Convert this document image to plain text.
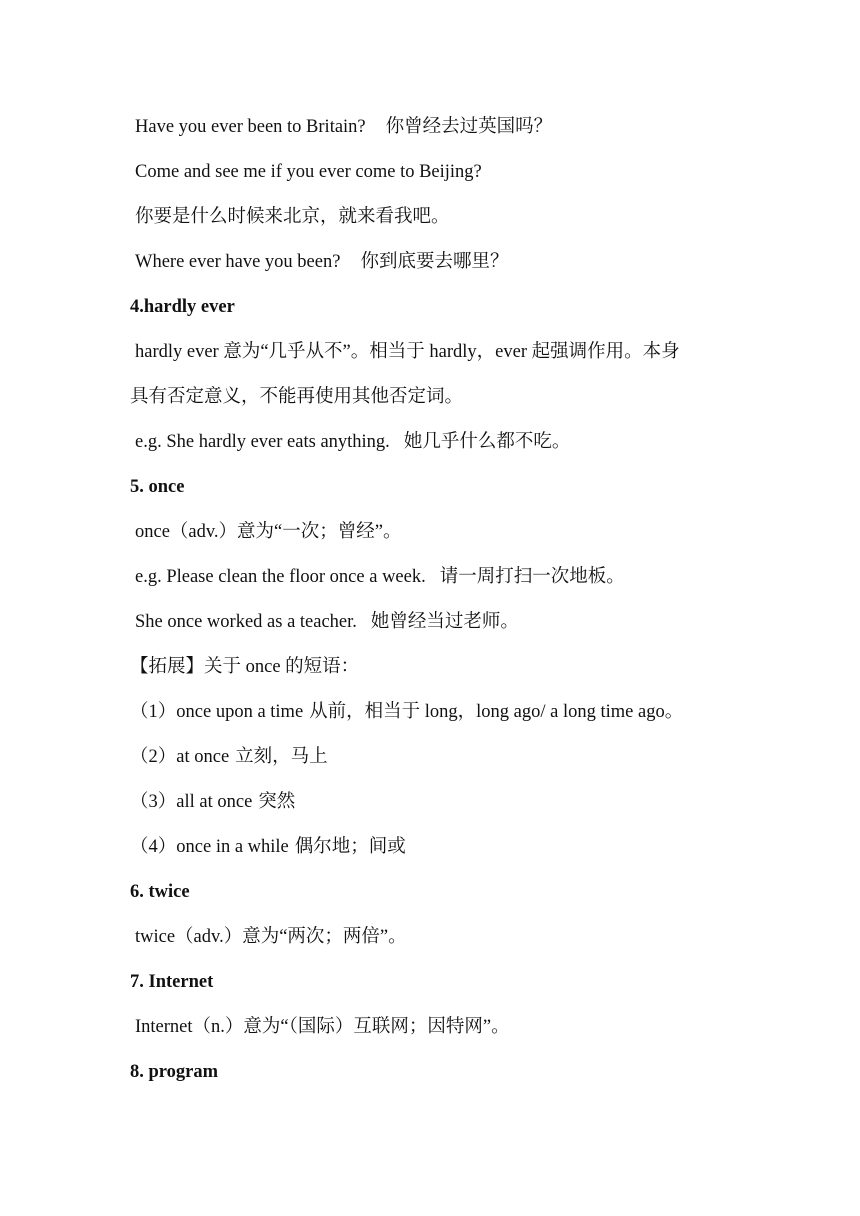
Have you ever been to Britain? 你曾经去过英国吗？
Come and see me if you ever come to Beijing?
你要是什么时候来北京，就来看我吧。
Where ever have you been? 你到底要去哪里？
4.hardly ever
hardly ever 意为“几乎从不”。相当于 hardly，ever 起强调作用。本身
具有否定意义，不能再使用其他否定词。
e.g. She hardly ever eats anything. 她几乎什么都不吃。
5. once
once（adv.）意为“一次；曾经”。
e.g. Please clean the floor once a week. 请一周打扫一次地板。
She once worked as a teacher. 她曾经当过老师。
【拓展】关于 once 的短语：
（1）once upon a time 从前，相当于 long，long ago/ a long time ago。
（2）at once 立刻，马上
（3）all at once 突然
（4）once in a while 偶尔地；间或
6. twice
twice（adv.）意为“两次；两倍”。
7. Internet
Internet（n.）意为“（国际）互联网；因特网”。
8. program
